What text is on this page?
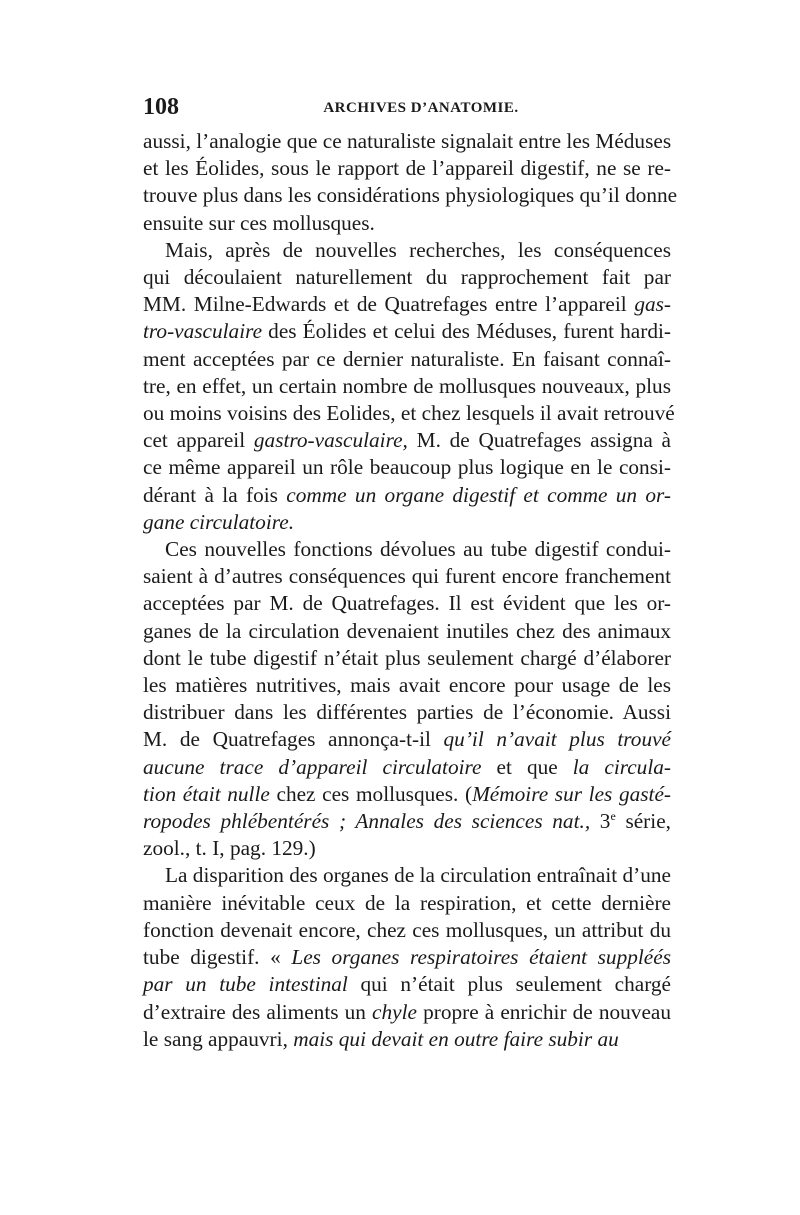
108	ARCHIVES D’ANATOMIE.

aussi, l’analogie que ce naturaliste signalait entre les Méduses
et les Éolides, sous le rapport de l’appareil digestif, ne se re-
trouve plus dans les considérations physiologiques qu’il donne
ensuite sur ces mollusques.

Mais, après de nouvelles recherches, les conséquences
qui découlaient naturellement du rapprochement fait par
MM. Milne-Edwards et de Quatrefages entre l’appareil gas-
tro-vasculaire des Éolides et celui des Méduses, furent hardi-
ment acceptées par ce dernier naturaliste. En faisant connaî-
tre, en effet, un certain nombre de mollusques nouveaux, plus
ou moins voisins des Eolides, et chez lesquels il avait retrouvé
cet appareil gastro-vasculaire, M. de Quatrefages assigna à
ce même appareil un rôle beaucoup plus logique en le consi-
dérant à la fois comme un organe digestif et comme un or-
gane circulatoire.

Ces nouvelles fonctions dévolues au tube digestif condui-
saient à d’autres conséquences qui furent encore franchement
acceptées par M. de Quatrefages. Il est évident que les or-
ganes de la circulation devenaient inutiles chez des animaux
dont le tube digestif n’était plus seulement chargé d’élaborer
les matières nutritives, mais avait encore pour usage de les
distribuer dans les différentes parties de l’économie. Aussi
M. de Quatrefages annonça-t-il qu’il n’avait plus trouvé
aucune trace d’appareil circulatoire et que la circula-
tion était nulle chez ces mollusques. (Mémoire sur les gasté-
ropodes phlébentérés ; Annales des sciences nat., 3e série,
zool., t. I, pag. 129.)

La disparition des organes de la circulation entraînait d’une
manière inévitable ceux de la respiration, et cette dernière
fonction devenait encore, chez ces mollusques, un attribut du
tube digestif. « Les organes respiratoires étaient suppléés
par un tube intestinal qui n’était plus seulement chargé
d’extraire des aliments un chyle propre à enrichir de nouveau
le sang appauvri, mais qui devait en outre faire subir au
